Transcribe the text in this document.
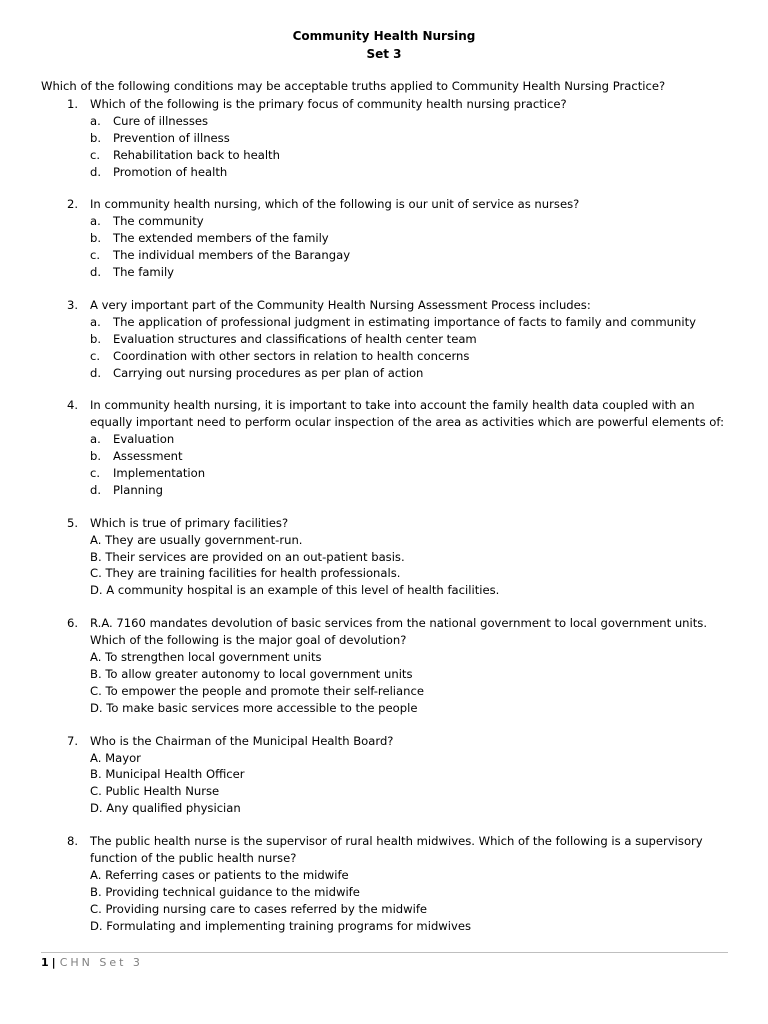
Community Health Nursing
Set 3
Which of the following conditions may be acceptable truths applied to Community Health Nursing Practice?
1.	Which of the following is the primary focus of community health nursing practice?
a. Cure of illnesses
b. Prevention of illness
c. Rehabilitation back to health
d. Promotion of health
2.	In community health nursing, which of the following is our unit of service as nurses?
a. The community
b. The extended members of the family
c. The individual members of the Barangay
d. The family
3.	A very important part of the Community Health Nursing Assessment Process includes:
a. The application of professional judgment in estimating importance of facts to family and community
b. Evaluation structures and classifications of health center team
c. Coordination with other sectors in relation to health concerns
d. Carrying out nursing procedures as per plan of action
4.	In community health nursing, it is important to take into account the family health data coupled with an equally important need to perform ocular inspection of the area as activities which are powerful elements of:
a. Evaluation
b. Assessment
c. Implementation
d. Planning
5.	Which is true of primary facilities?
A. They are usually government-run.
B. Their services are provided on an out-patient basis.
C. They are training facilities for health professionals.
D. A community hospital is an example of this level of health facilities.
6.	R.A. 7160 mandates devolution of basic services from the national government to local government units. Which of the following is the major goal of devolution?
A. To strengthen local government units
B. To allow greater autonomy to local government units
C. To empower the people and promote their self-reliance
D. To make basic services more accessible to the people
7.	Who is the Chairman of the Municipal Health Board?
A. Mayor
B. Municipal Health Officer
C. Public Health Nurse
D. Any qualified physician
8.	The public health nurse is the supervisor of rural health midwives. Which of the following is a supervisory function of the public health nurse?
A. Referring cases or patients to the midwife
B. Providing technical guidance to the midwife
C. Providing nursing care to cases referred by the midwife
D. Formulating and implementing training programs for midwives
1 | CHN Set 3
